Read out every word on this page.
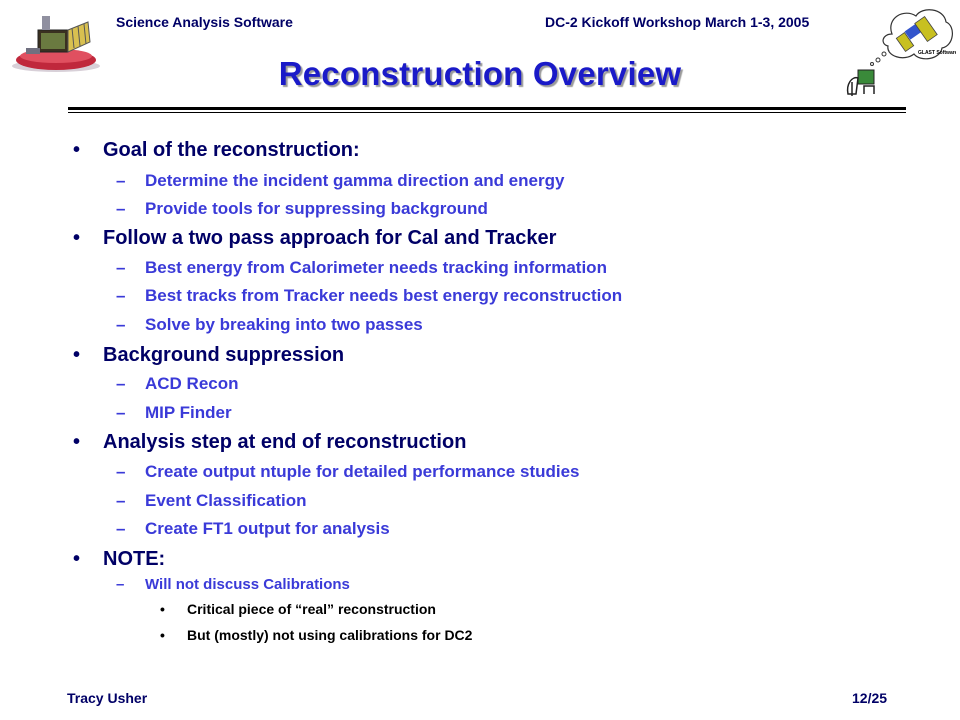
Science Analysis Software	DC-2 Kickoff Workshop March 1-3, 2005
Reconstruction Overview
GLAST Software
• Goal of the reconstruction:
– Determine the incident gamma direction and energy
– Provide tools for suppressing background
• Follow a two pass approach for Cal and Tracker
– Best energy from Calorimeter needs tracking information
– Best tracks from Tracker needs best energy reconstruction
– Solve by breaking into two passes
• Background suppression
– ACD Recon
– MIP Finder
• Analysis step at end of reconstruction
– Create output ntuple for detailed performance studies
– Event Classification
– Create FT1 output for analysis
• NOTE:
– Will not discuss Calibrations
• Critical piece of “real” reconstruction
• But (mostly) not using calibrations for DC2
Tracy Usher	12/25
